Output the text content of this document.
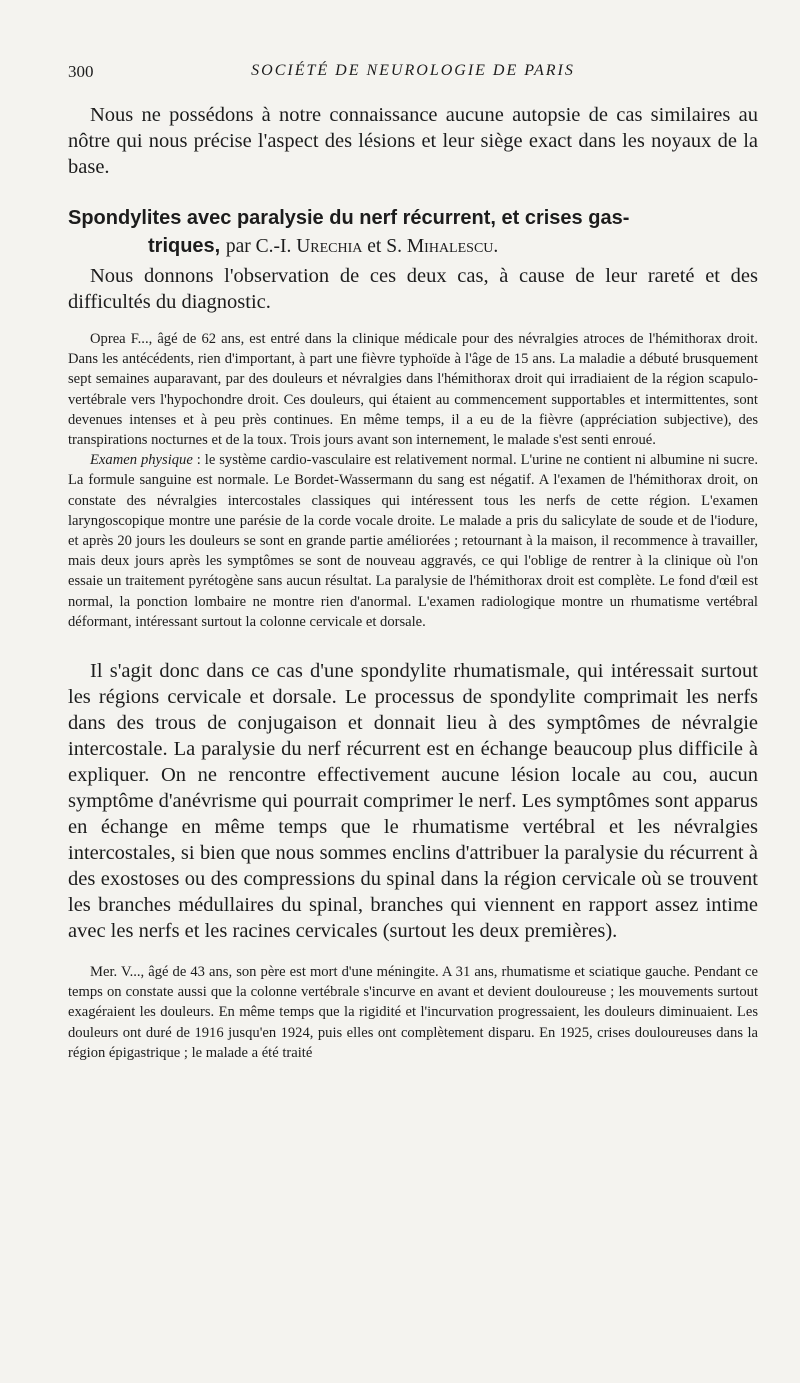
300	SOCIÉTÉ DE NEUROLOGIE DE PARIS

Nous ne possédons à notre connaissance aucune autopsie de cas similaires au nôtre qui nous précise l'aspect des lésions et leur siège exact dans les noyaux de la base.

Spondylites avec paralysie du nerf récurrent, et crises gas-
triques, par C.-I. Urechia et S. Mihalescu.

Nous donnons l'observation de ces deux cas, à cause de leur rareté et des difficultés du diagnostic.

Oprea F..., âgé de 62 ans, est entré dans la clinique médicale pour des névralgies atroces de l'hémithorax droit. Dans les antécédents, rien d'important, à part une fièvre typhoïde à l'âge de 15 ans. La maladie a débuté brusquement sept semaines auparavant, par des douleurs et névralgies dans l'hémithorax droit qui irradiaient de la région scapulo-vertébrale vers l'hypochondre droit. Ces douleurs, qui étaient au commencement supportables et intermittentes, sont devenues intenses et à peu près continues. En même temps, il a eu de la fièvre (appréciation subjective), des transpirations nocturnes et de la toux. Trois jours avant son internement, le malade s'est senti enroué.

Examen physique : le système cardio-vasculaire est relativement normal. L'urine ne contient ni albumine ni sucre. La formule sanguine est normale. Le Bordet-Wassermann du sang est négatif. A l'examen de l'hémithorax droit, on constate des névralgies intercostales classiques qui intéressent tous les nerfs de cette région. L'examen laryngoscopique montre une parésie de la corde vocale droite. Le malade a pris du salicylate de soude et de l'iodure, et après 20 jours les douleurs se sont en grande partie améliorées ; retournant à la maison, il recommence à travailler, mais deux jours après les symptômes se sont de nouveau aggravés, ce qui l'oblige de rentrer à la clinique où l'on essaie un traitement pyrétogène sans aucun résultat. La paralysie de l'hémithorax droit est complète. Le fond d'œil est normal, la ponction lombaire ne montre rien d'anormal. L'examen radiologique montre un rhumatisme vertébral déformant, intéressant surtout la colonne cervicale et dorsale.

Il s'agit donc dans ce cas d'une spondylite rhumatismale, qui intéressait surtout les régions cervicale et dorsale. Le processus de spondylite comprimait les nerfs dans des trous de conjugaison et donnait lieu à des symptômes de névralgie intercostale. La paralysie du nerf récurrent est en échange beaucoup plus difficile à expliquer. On ne rencontre effectivement aucune lésion locale au cou, aucun symptôme d'anévrisme qui pourrait comprimer le nerf. Les symptômes sont apparus en échange en même temps que le rhumatisme vertébral et les névralgies intercostales, si bien que nous sommes enclins d'attribuer la paralysie du récurrent à des exostoses ou des compressions du spinal dans la région cervicale où se trouvent les branches médullaires du spinal, branches qui viennent en rapport assez intime avec les nerfs et les racines cervicales (surtout les deux premières).

Mer. V..., âgé de 43 ans, son père est mort d'une méningite. A 31 ans, rhumatisme et sciatique gauche. Pendant ce temps on constate aussi que la colonne vertébrale s'incurve en avant et devient douloureuse ; les mouvements surtout exagéraient les douleurs. En même temps que la rigidité et l'incurvation progressaient, les douleurs diminuaient. Les douleurs ont duré de 1916 jusqu'en 1924, puis elles ont complètement disparu. En 1925, crises douloureuses dans la région épigastrique ; le malade a été traité
